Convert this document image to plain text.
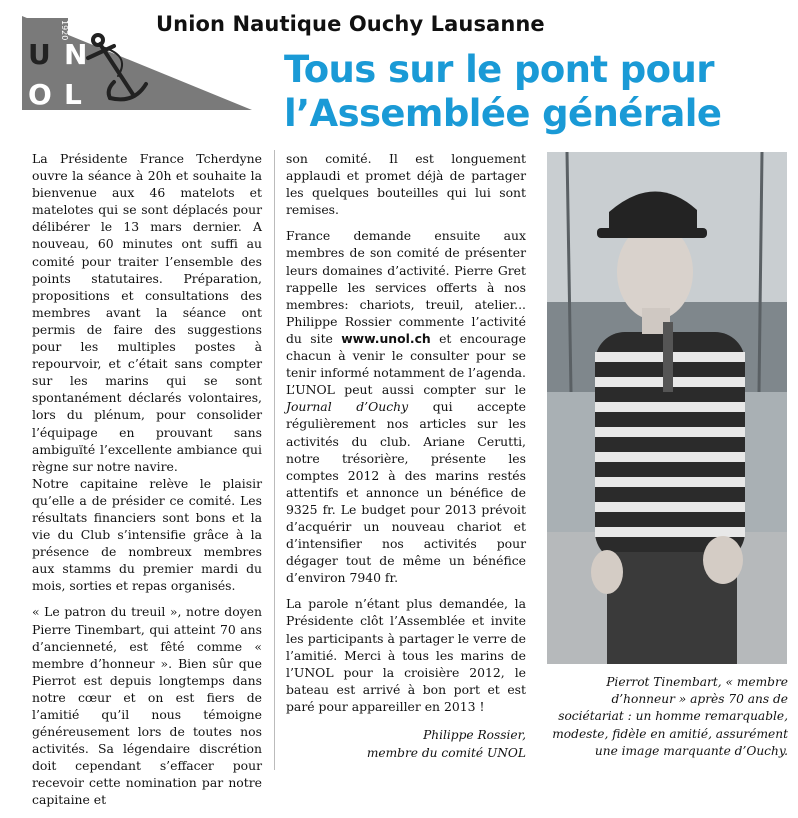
1920
U N
O L
Union Nautique Ouchy Lausanne
Tous sur le pont pour
l’Assemblée générale

La Présidente France Tcherdyne ouvre la séance à 20h et souhaite la bienvenue aux 46 matelots et matelotes qui se sont déplacés pour délibérer le 13 mars dernier. A nouveau, 60 minutes ont suffi au comité pour traiter l’ensemble des points statutaires. Préparation, propositions et consultations des membres avant la séance ont permis de faire des suggestions pour les multiples postes à repourvoir, et c’était sans compter sur les marins qui se sont spontanément déclarés volontaires, lors du plénum, pour consolider l’équipage en prouvant sans ambiguïté l’excellente ambiance qui règne sur notre navire.

Notre capitaine relève le plaisir qu’elle a de présider ce comité. Les résultats financiers sont bons et la vie du Club s’intensifie grâce à la présence de nombreux membres aux stamms du premier mardi du mois, sorties et repas organisés.

« Le patron du treuil », notre doyen Pierre Tinembart, qui atteint 70 ans d’ancienneté, est fêté comme « membre d’honneur ». Bien sûr que Pierrot est depuis longtemps dans notre cœur et on est fiers de l’amitié qu’il nous témoigne généreusement lors de toutes nos activités. Sa légendaire discrétion doit cependant s’effacer pour recevoir cette nomination par notre capitaine et

son comité. Il est longuement applaudi et promet déjà de partager les quelques bouteilles qui lui sont remises.

France demande ensuite aux membres de son comité de présenter leurs domaines d’activité. Pierre Gret rappelle les services offerts à nos membres: chariots, treuil, atelier... Philippe Rossier commente l’activité du site www.unol.ch et encourage chacun à venir le consulter pour se tenir informé notamment de l’agenda. L’UNOL peut aussi compter sur le Journal d’Ouchy qui accepte régulièrement nos articles sur les activités du club. Ariane Cerutti, notre trésorière, présente les comptes 2012 à des marins restés attentifs et annonce un bénéfice de 9325 fr. Le budget pour 2013 prévoit d’acquérir un nouveau chariot et d’intensifier nos activités pour dégager tout de même un bénéfice d’environ 7940 fr.

La parole n’étant plus demandée, la Présidente clôt l’Assemblée et invite les participants à partager le verre de l’amitié. Merci à tous les marins de l’UNOL pour la croisière 2012, le bateau est arrivé à bon port et est paré pour appareiller en 2013 !

Philippe Rossier,
membre du comité UNOL
Pierrot Tinembart, « membre d’honneur » après 70 ans de sociétariat : un homme remarquable, modeste, fidèle en amitié, assurément une image marquante d’Ouchy.
